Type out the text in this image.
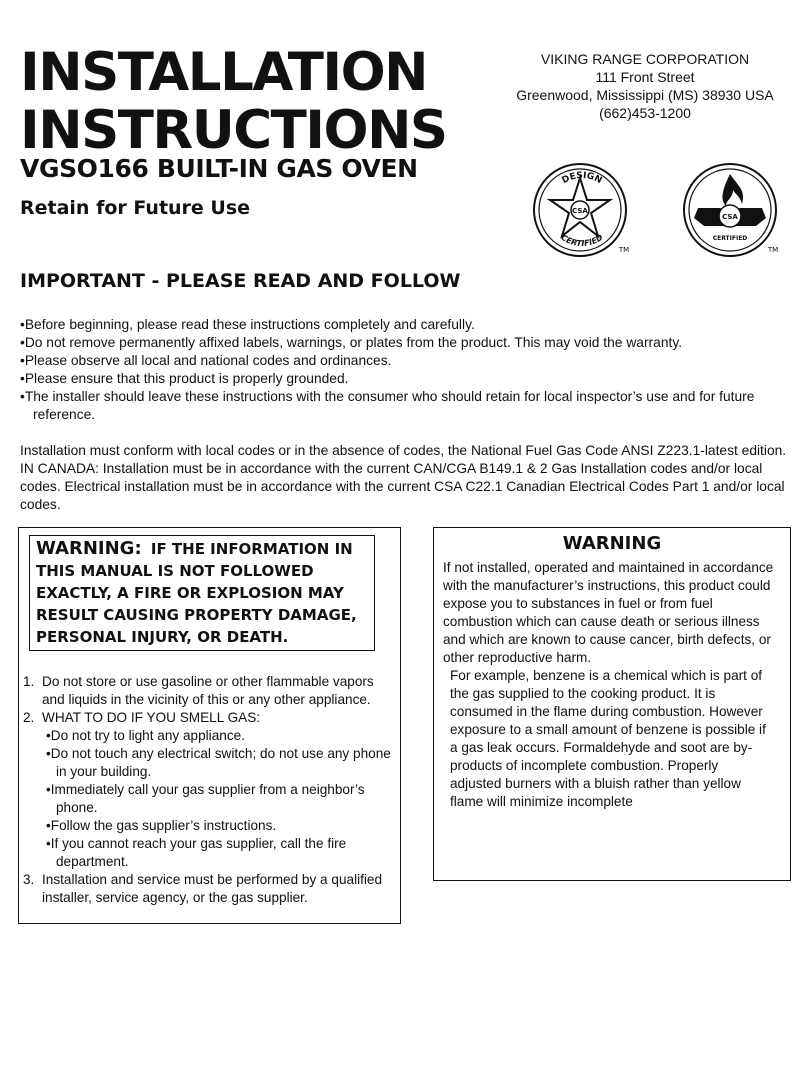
INSTALLATION
INSTRUCTIONS
VGSO166 BUILT-IN GAS OVEN
Retain for Future Use
VIKING RANGE CORPORATION
111 Front Street
Greenwood, Mississippi (MS) 38930 USA
(662)453-1200
DESIGN
CERTIFIED
CSA
TM
CSA
CERTIFIED
TM
IMPORTANT - PLEASE READ AND FOLLOW
•Before beginning, please read these instructions completely and carefully.
•Do not remove permanently affixed labels, warnings, or plates from the product. This may void the warranty.
•Please observe all local and national codes and ordinances.
•Please ensure that this product is properly grounded.
•The installer should leave these instructions with the consumer who should retain for local inspector’s use and for future reference.

Installation must conform with local codes or in the absence of codes, the National Fuel Gas Code ANSI Z223.1-latest edition. IN CANADA: Installation must be in accordance with the current CAN/CGA B149.1 & 2 Gas Installation codes and/or local codes. Electrical installation must be in accordance with the current CSA C22.1 Canadian Electrical Codes Part 1 and/or local codes.

WARNING: IF THE INFORMATION IN THIS MANUAL IS NOT FOLLOWED EXACTLY, A FIRE OR EXPLOSION MAY RESULT CAUSING PROPERTY DAMAGE, PERSONAL INJURY, OR DEATH.
1. Do not store or use gasoline or other flammable vapors and liquids in the vicinity of this or any other appliance.
2. WHAT TO DO IF YOU SMELL GAS:
•Do not try to light any appliance.
•Do not touch any electrical switch; do not use any phone in your building.
•Immediately call your gas supplier from a neighbor’s phone.
•Follow the gas supplier’s instructions.
•If you cannot reach your gas supplier, call the fire department.
3. Installation and service must be performed by a qualified installer, service agency, or the gas supplier.
WARNING

If not installed, operated and maintained in accordance with the manufacturer’s instructions, this product could expose you to substances in fuel or from fuel combustion which can cause death or serious illness and which are known to cause cancer, birth defects, or other reproductive harm.

For example, benzene is a chemical which is part of the gas supplied to the cooking product. It is consumed in the flame during combustion. However exposure to a small amount of benzene is possible if a gas leak occurs. Formaldehyde and soot are by-products of incomplete combustion. Properly adjusted burners with a bluish rather than yellow flame will minimize incomplete
